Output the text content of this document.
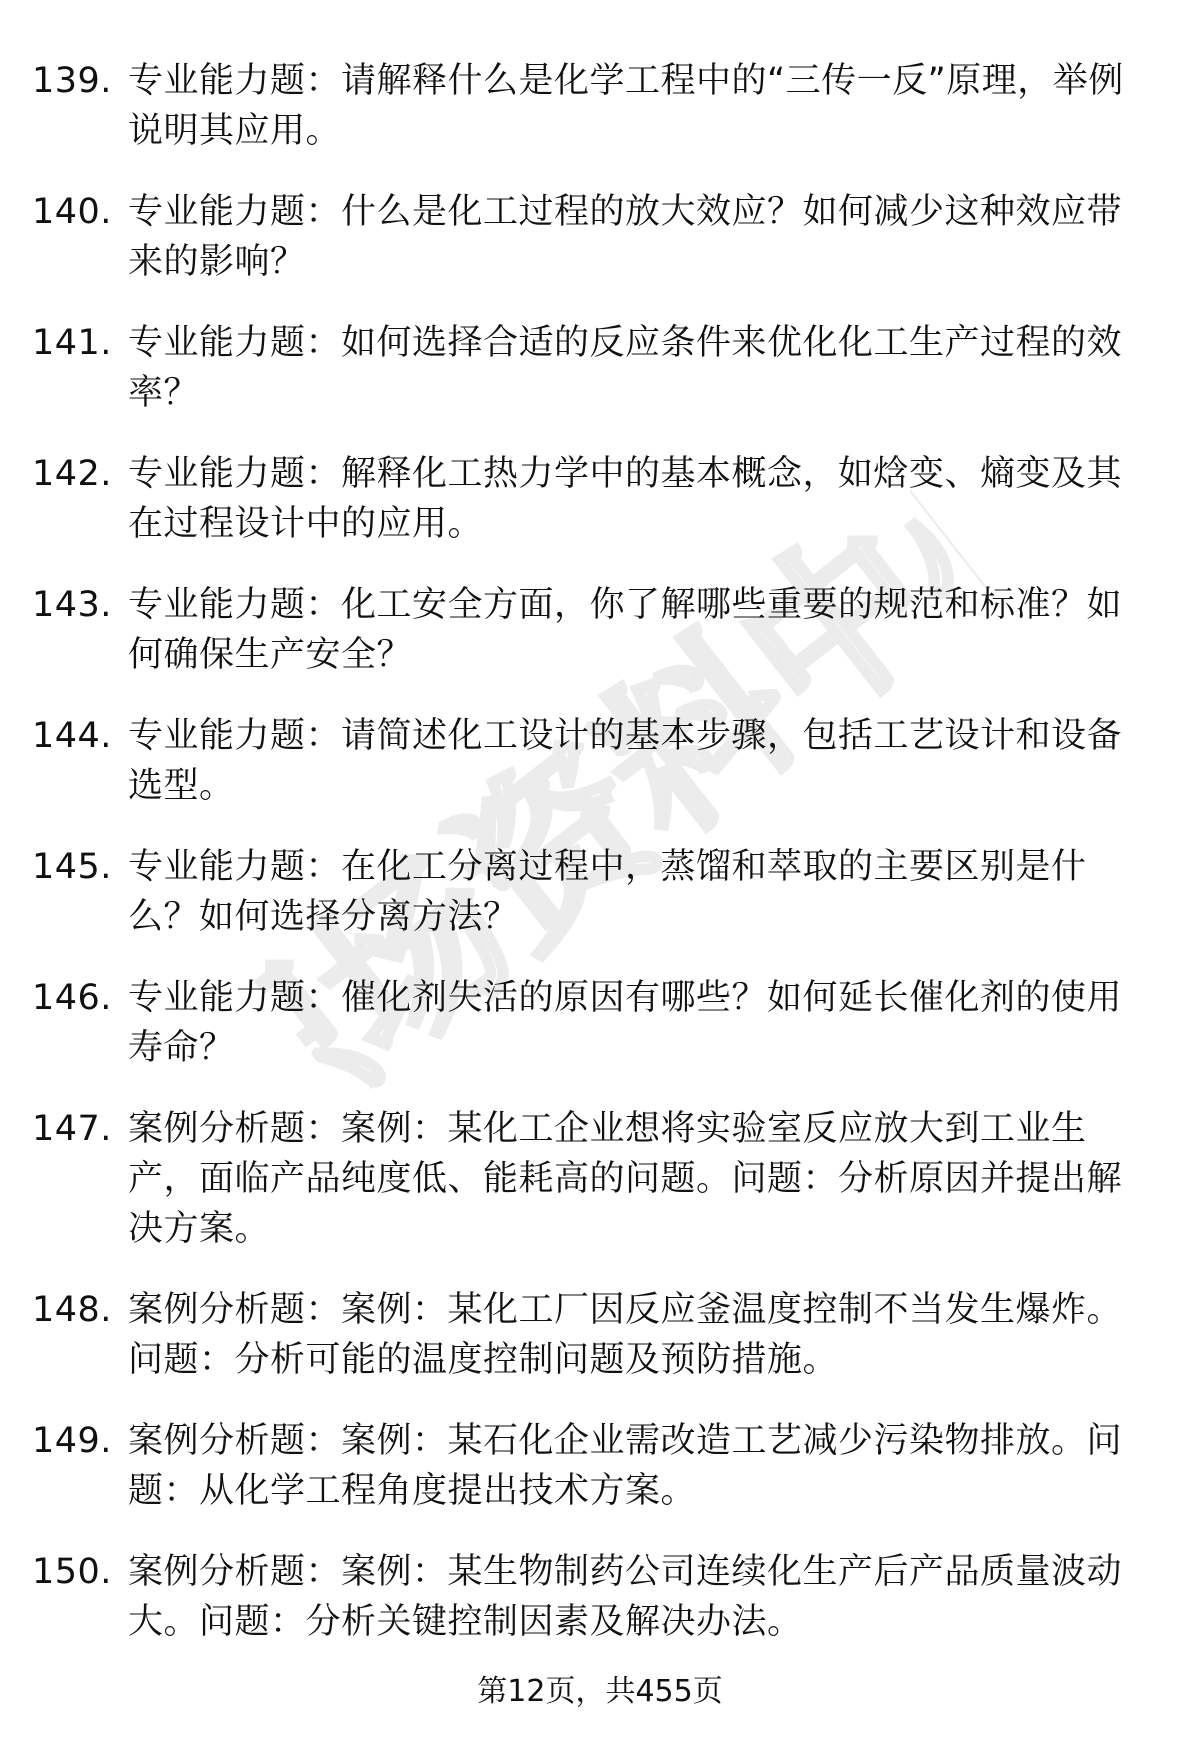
职场资料中心
139. 专业能力题：请解释什么是化学工程中的“三传一反”原理，举例说明其应用。
140. 专业能力题：什么是化工过程的放大效应？如何减少这种效应带来的影响？
141. 专业能力题：如何选择合适的反应条件来优化化工生产过程的效率？
142. 专业能力题：解释化工热力学中的基本概念，如焓变、熵变及其在过程设计中的应用。
143. 专业能力题：化工安全方面，你了解哪些重要的规范和标准？如何确保生产安全？
144. 专业能力题：请简述化工设计的基本步骤，包括工艺设计和设备选型。
145. 专业能力题：在化工分离过程中，蒸馏和萃取的主要区别是什么？如何选择分离方法？
146. 专业能力题：催化剂失活的原因有哪些？如何延长催化剂的使用寿命？
147. 案例分析题：案例：某化工企业想将实验室反应放大到工业生产，面临产品纯度低、能耗高的问题。问题：分析原因并提出解决方案。
148. 案例分析题：案例：某化工厂因反应釜温度控制不当发生爆炸。问题：分析可能的温度控制问题及预防措施。
149. 案例分析题：案例：某石化企业需改造工艺减少污染物排放。问题：从化学工程角度提出技术方案。
150. 案例分析题：案例：某生物制药公司连续化生产后产品质量波动大。问题：分析关键控制因素及解决办法。
第12页，共455页
